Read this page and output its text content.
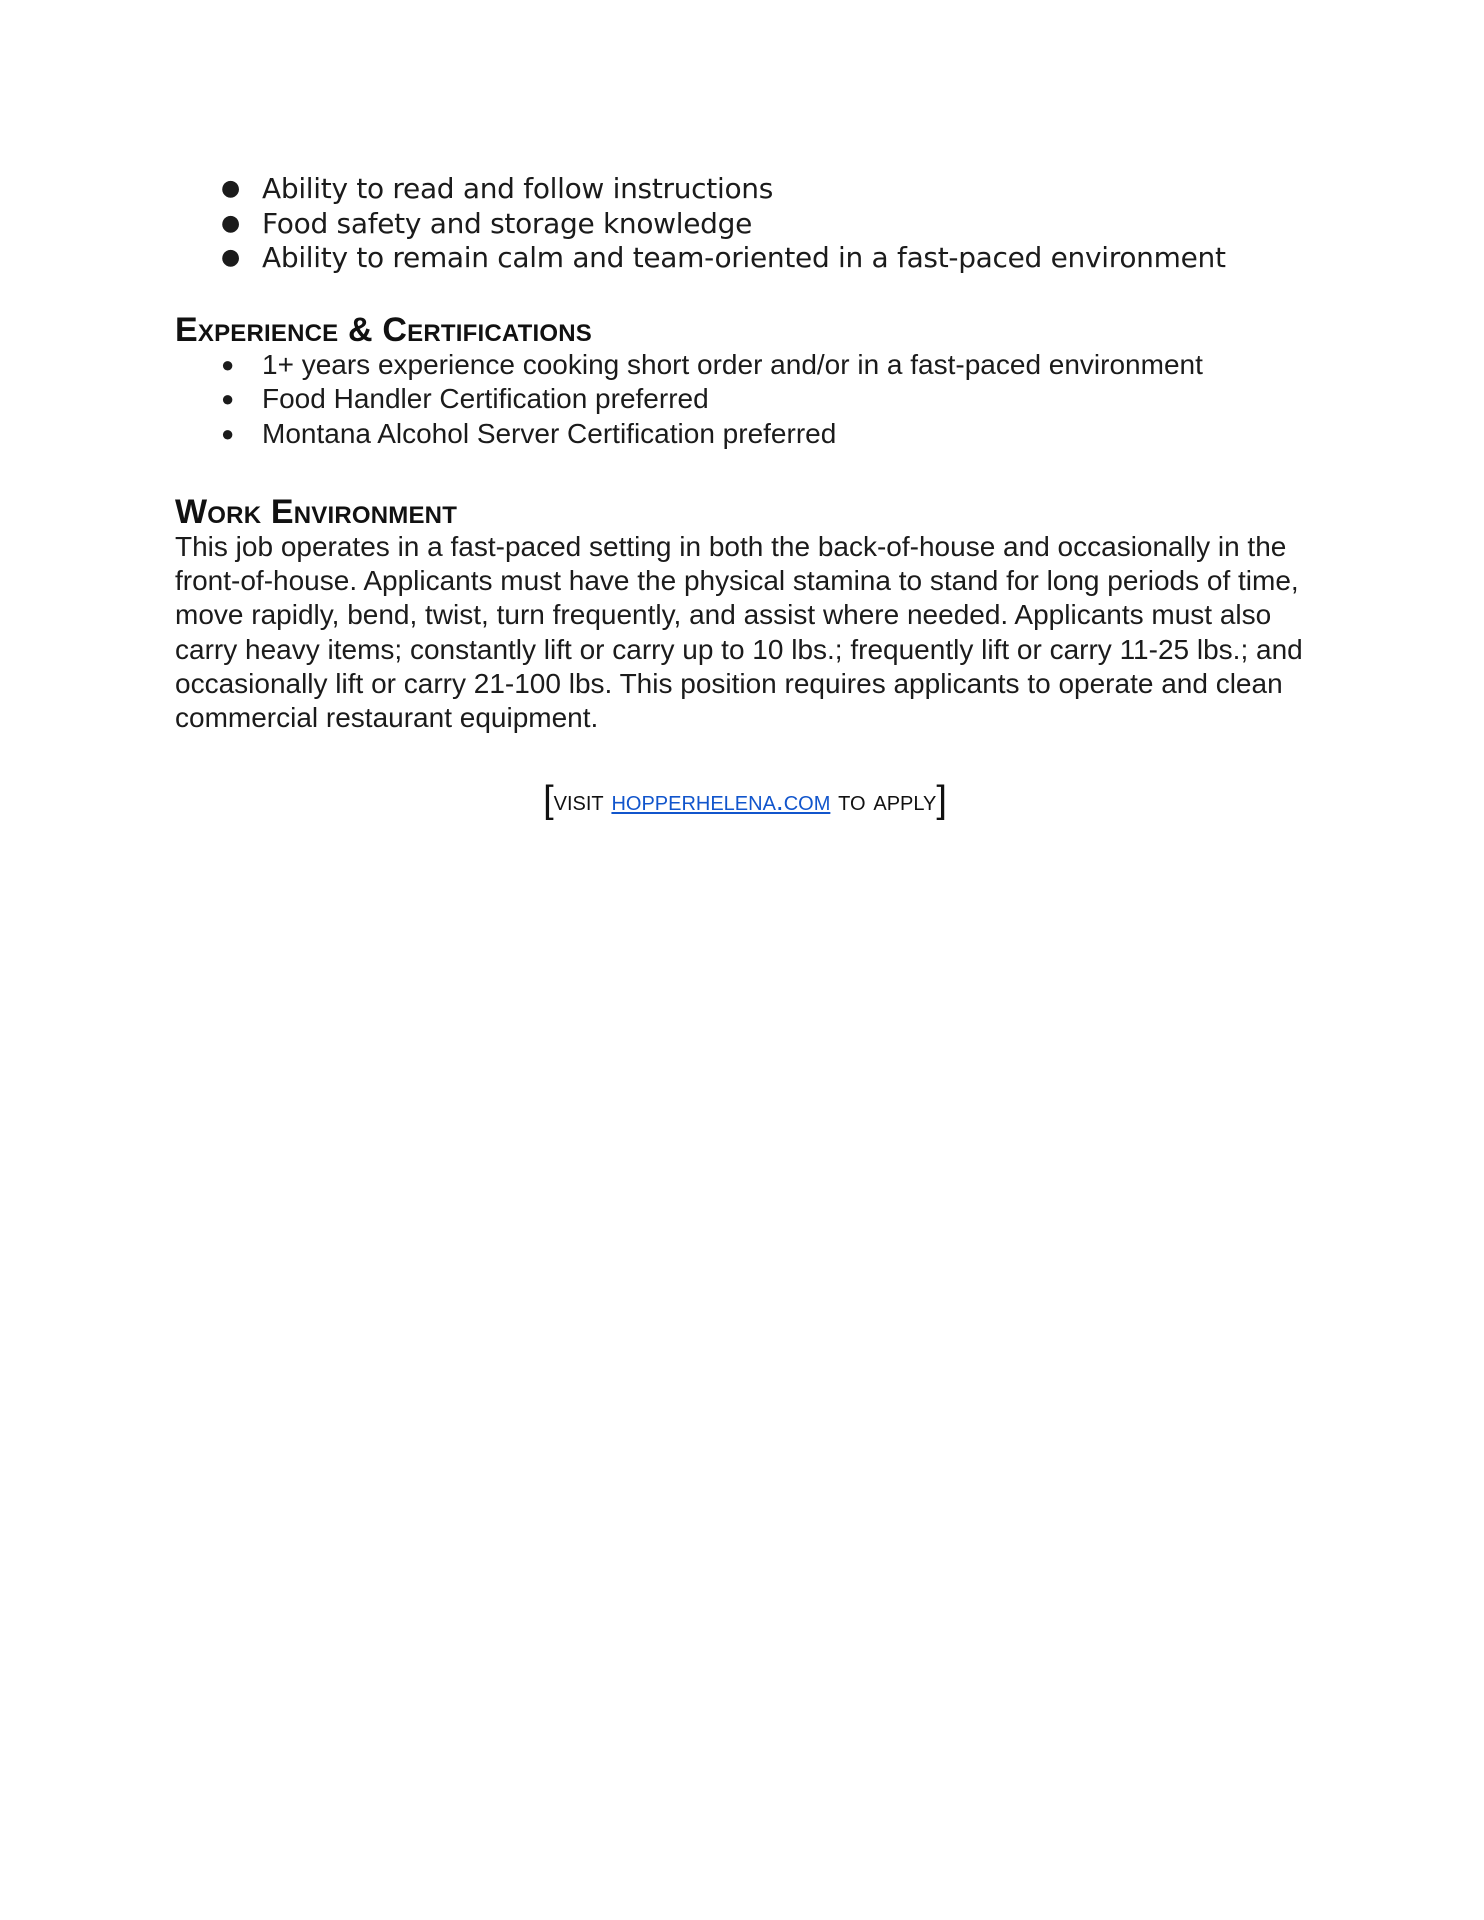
● Ability to read and follow instructions
● Food safety and storage knowledge
● Ability to remain calm and team-oriented in a fast-paced environment
Experience & Certifications
● 1+ years experience cooking short order and/or in a fast-paced environment
● Food Handler Certification preferred
● Montana Alcohol Server Certification preferred
Work Environment

This job operates in a fast-paced setting in both the back-of-house and occasionally in the front-of-house. Applicants must have the physical stamina to stand for long periods of time, move rapidly, bend, twist, turn frequently, and assist where needed. Applicants must also carry heavy items; constantly lift or carry up to 10 lbs.; frequently lift or carry 11-25 lbs.; and occasionally lift or carry 21-100 lbs. This position requires applicants to operate and clean commercial restaurant equipment.

[visit hopperhelena.com to apply]
